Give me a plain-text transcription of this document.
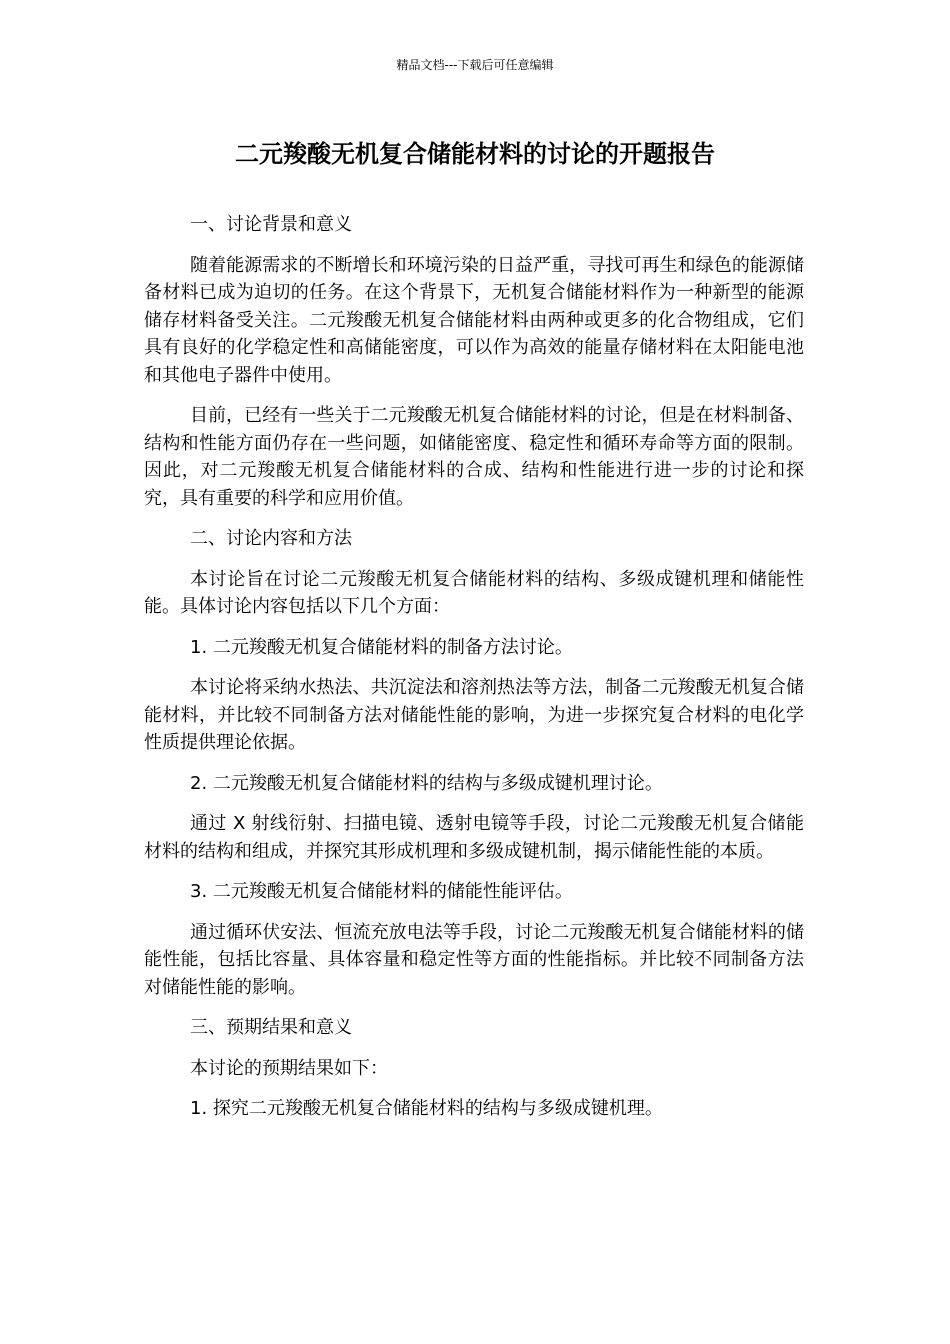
精品文档---下载后可任意编辑
二元羧酸无机复合储能材料的讨论的开题报告

一、讨论背景和意义

随着能源需求的不断增长和环境污染的日益严重，寻找可再生和绿色的能源储备材料已成为迫切的任务。在这个背景下，无机复合储能材料作为一种新型的能源储存材料备受关注。二元羧酸无机复合储能材料由两种或更多的化合物组成，它们具有良好的化学稳定性和高储能密度，可以作为高效的能量存储材料在太阳能电池和其他电子器件中使用。

目前，已经有一些关于二元羧酸无机复合储能材料的讨论，但是在材料制备、结构和性能方面仍存在一些问题，如储能密度、稳定性和循环寿命等方面的限制。因此，对二元羧酸无机复合储能材料的合成、结构和性能进行进一步的讨论和探究，具有重要的科学和应用价值。

二、讨论内容和方法

本讨论旨在讨论二元羧酸无机复合储能材料的结构、多级成键机理和储能性能。具体讨论内容包括以下几个方面：

1. 二元羧酸无机复合储能材料的制备方法讨论。

本讨论将采纳水热法、共沉淀法和溶剂热法等方法，制备二元羧酸无机复合储能材料，并比较不同制备方法对储能性能的影响，为进一步探究复合材料的电化学性质提供理论依据。

2. 二元羧酸无机复合储能材料的结构与多级成键机理讨论。

通过 X 射线衍射、扫描电镜、透射电镜等手段，讨论二元羧酸无机复合储能材料的结构和组成，并探究其形成机理和多级成键机制，揭示储能性能的本质。

3. 二元羧酸无机复合储能材料的储能性能评估。

通过循环伏安法、恒流充放电法等手段，讨论二元羧酸无机复合储能材料的储能性能，包括比容量、具体容量和稳定性等方面的性能指标。并比较不同制备方法对储能性能的影响。

三、预期结果和意义

本讨论的预期结果如下：

1. 探究二元羧酸无机复合储能材料的结构与多级成键机理。
